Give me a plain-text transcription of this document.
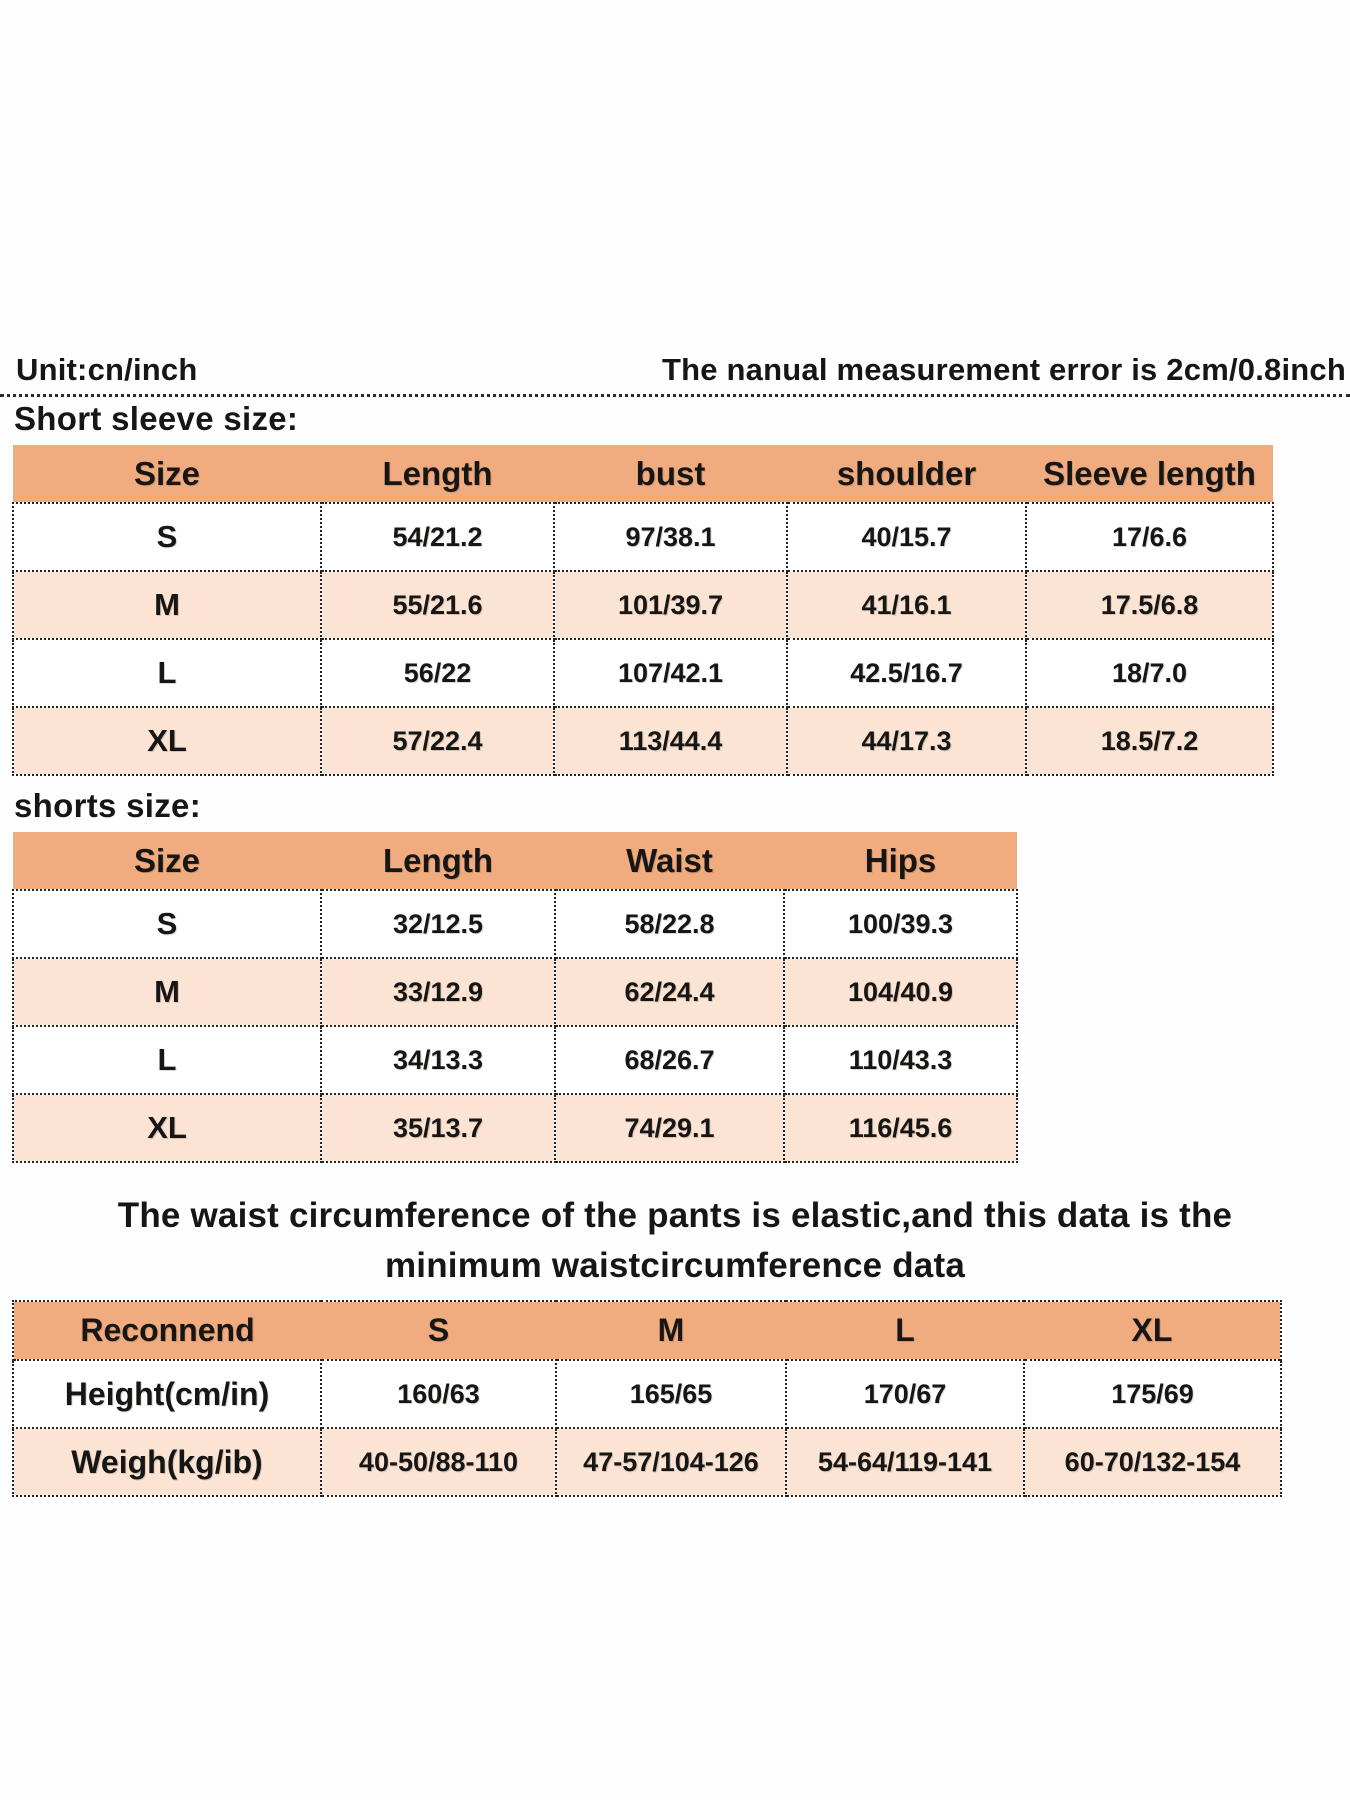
Unit:cn/inch	The nanual measurement error is 2cm/0.8inch
Short sleeve size:
Size	Length	bust	shoulder	Sleeve length
S	54/21.2	97/38.1	40/15.7	17/6.6
M	55/21.6	101/39.7	41/16.1	17.5/6.8
L	56/22	107/42.1	42.5/16.7	18/7.0
XL	57/22.4	113/44.4	44/17.3	18.5/7.2
shorts size:
Size	Length	Waist	Hips
S	32/12.5	58/22.8	100/39.3
M	33/12.9	62/24.4	104/40.9
L	34/13.3	68/26.7	110/43.3
XL	35/13.7	74/29.1	116/45.6
The waist circumference of the pants is elastic,and this data is the
minimum waistcircumference data
Reconnend	S	M	L	XL
Height(cm/in)	160/63	165/65	170/67	175/69
Weigh(kg/ib)	40-50/88-110	47-57/104-126	54-64/119-141	60-70/132-154
